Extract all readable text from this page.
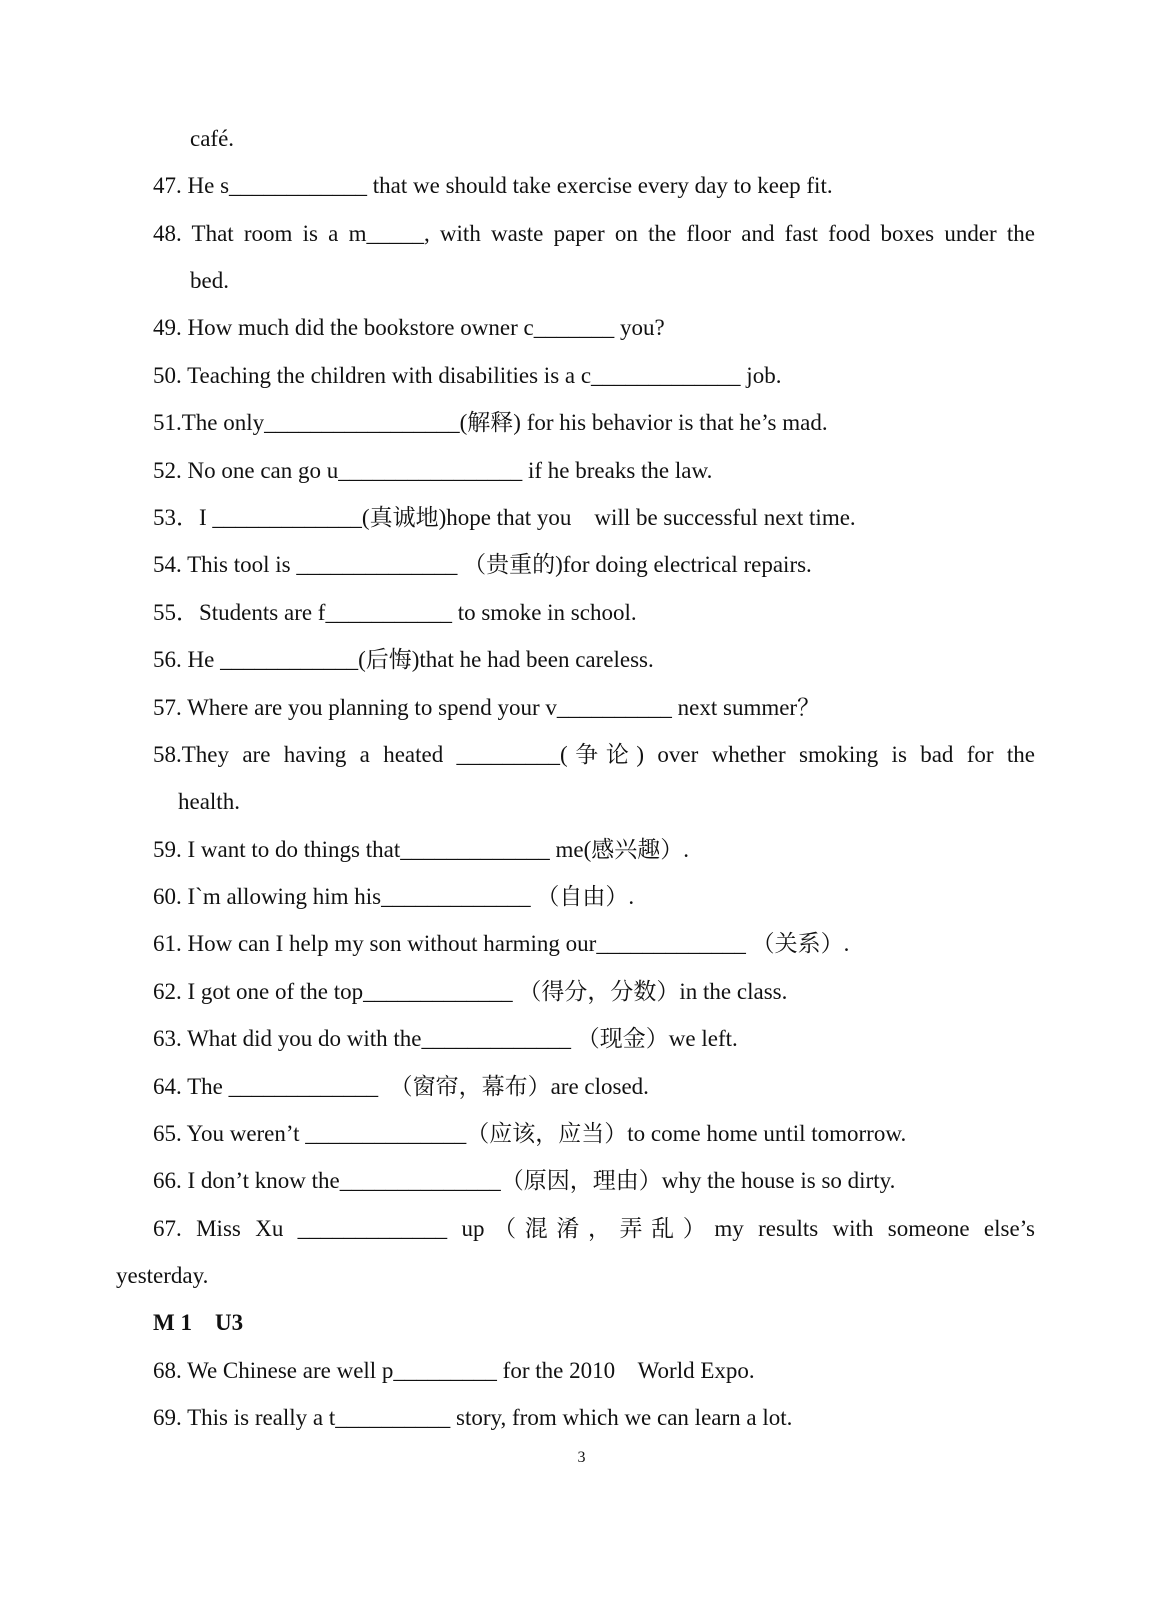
café.
47. He s____________ that we should take exercise every day to keep fit.
48. That room is a m_____, with waste paper on the floor and fast food boxes under the
bed.
49. How much did the bookstore owner c_______ you?
50. Teaching the children with disabilities is a c_____________ job.
51.The only_________________(解释) for his behavior is that he’s mad.
52. No one can go u________________ if he breaks the law.
53．I _____________(真诚地)hope that you    will be successful next time.
54. This tool is ______________ （贵重的)for doing electrical repairs.
55．Students are f___________ to smoke in school.
56. He ____________(后悔)that he had been careless.
57. Where are you planning to spend your v__________ next summer？
58.They are having a heated _________(争论) over whether smoking is bad for the
health.
59. I want to do things that_____________ me(感兴趣）.
60. I`m allowing him his_____________ （自由）.
61. How can I help my son without harming our_____________ （关系）.
62. I got one of the top_____________ （得分，分数）in the class.
63. What did you do with the_____________ （现金）we left.
64. The _____________  （窗帘，幕布）are closed.
65. You weren’t ______________（应该，应当）to come home until tomorrow.
66. I don’t know the______________（原因，理由）why the house is so dirty.
67. Miss Xu _____________ up（混淆，弄乱）my results with someone else’s
yesterday.
M 1    U3
68. We Chinese are well p_________ for the 2010    World Expo.
69. This is really a t__________ story, from which we can learn a lot.
3
